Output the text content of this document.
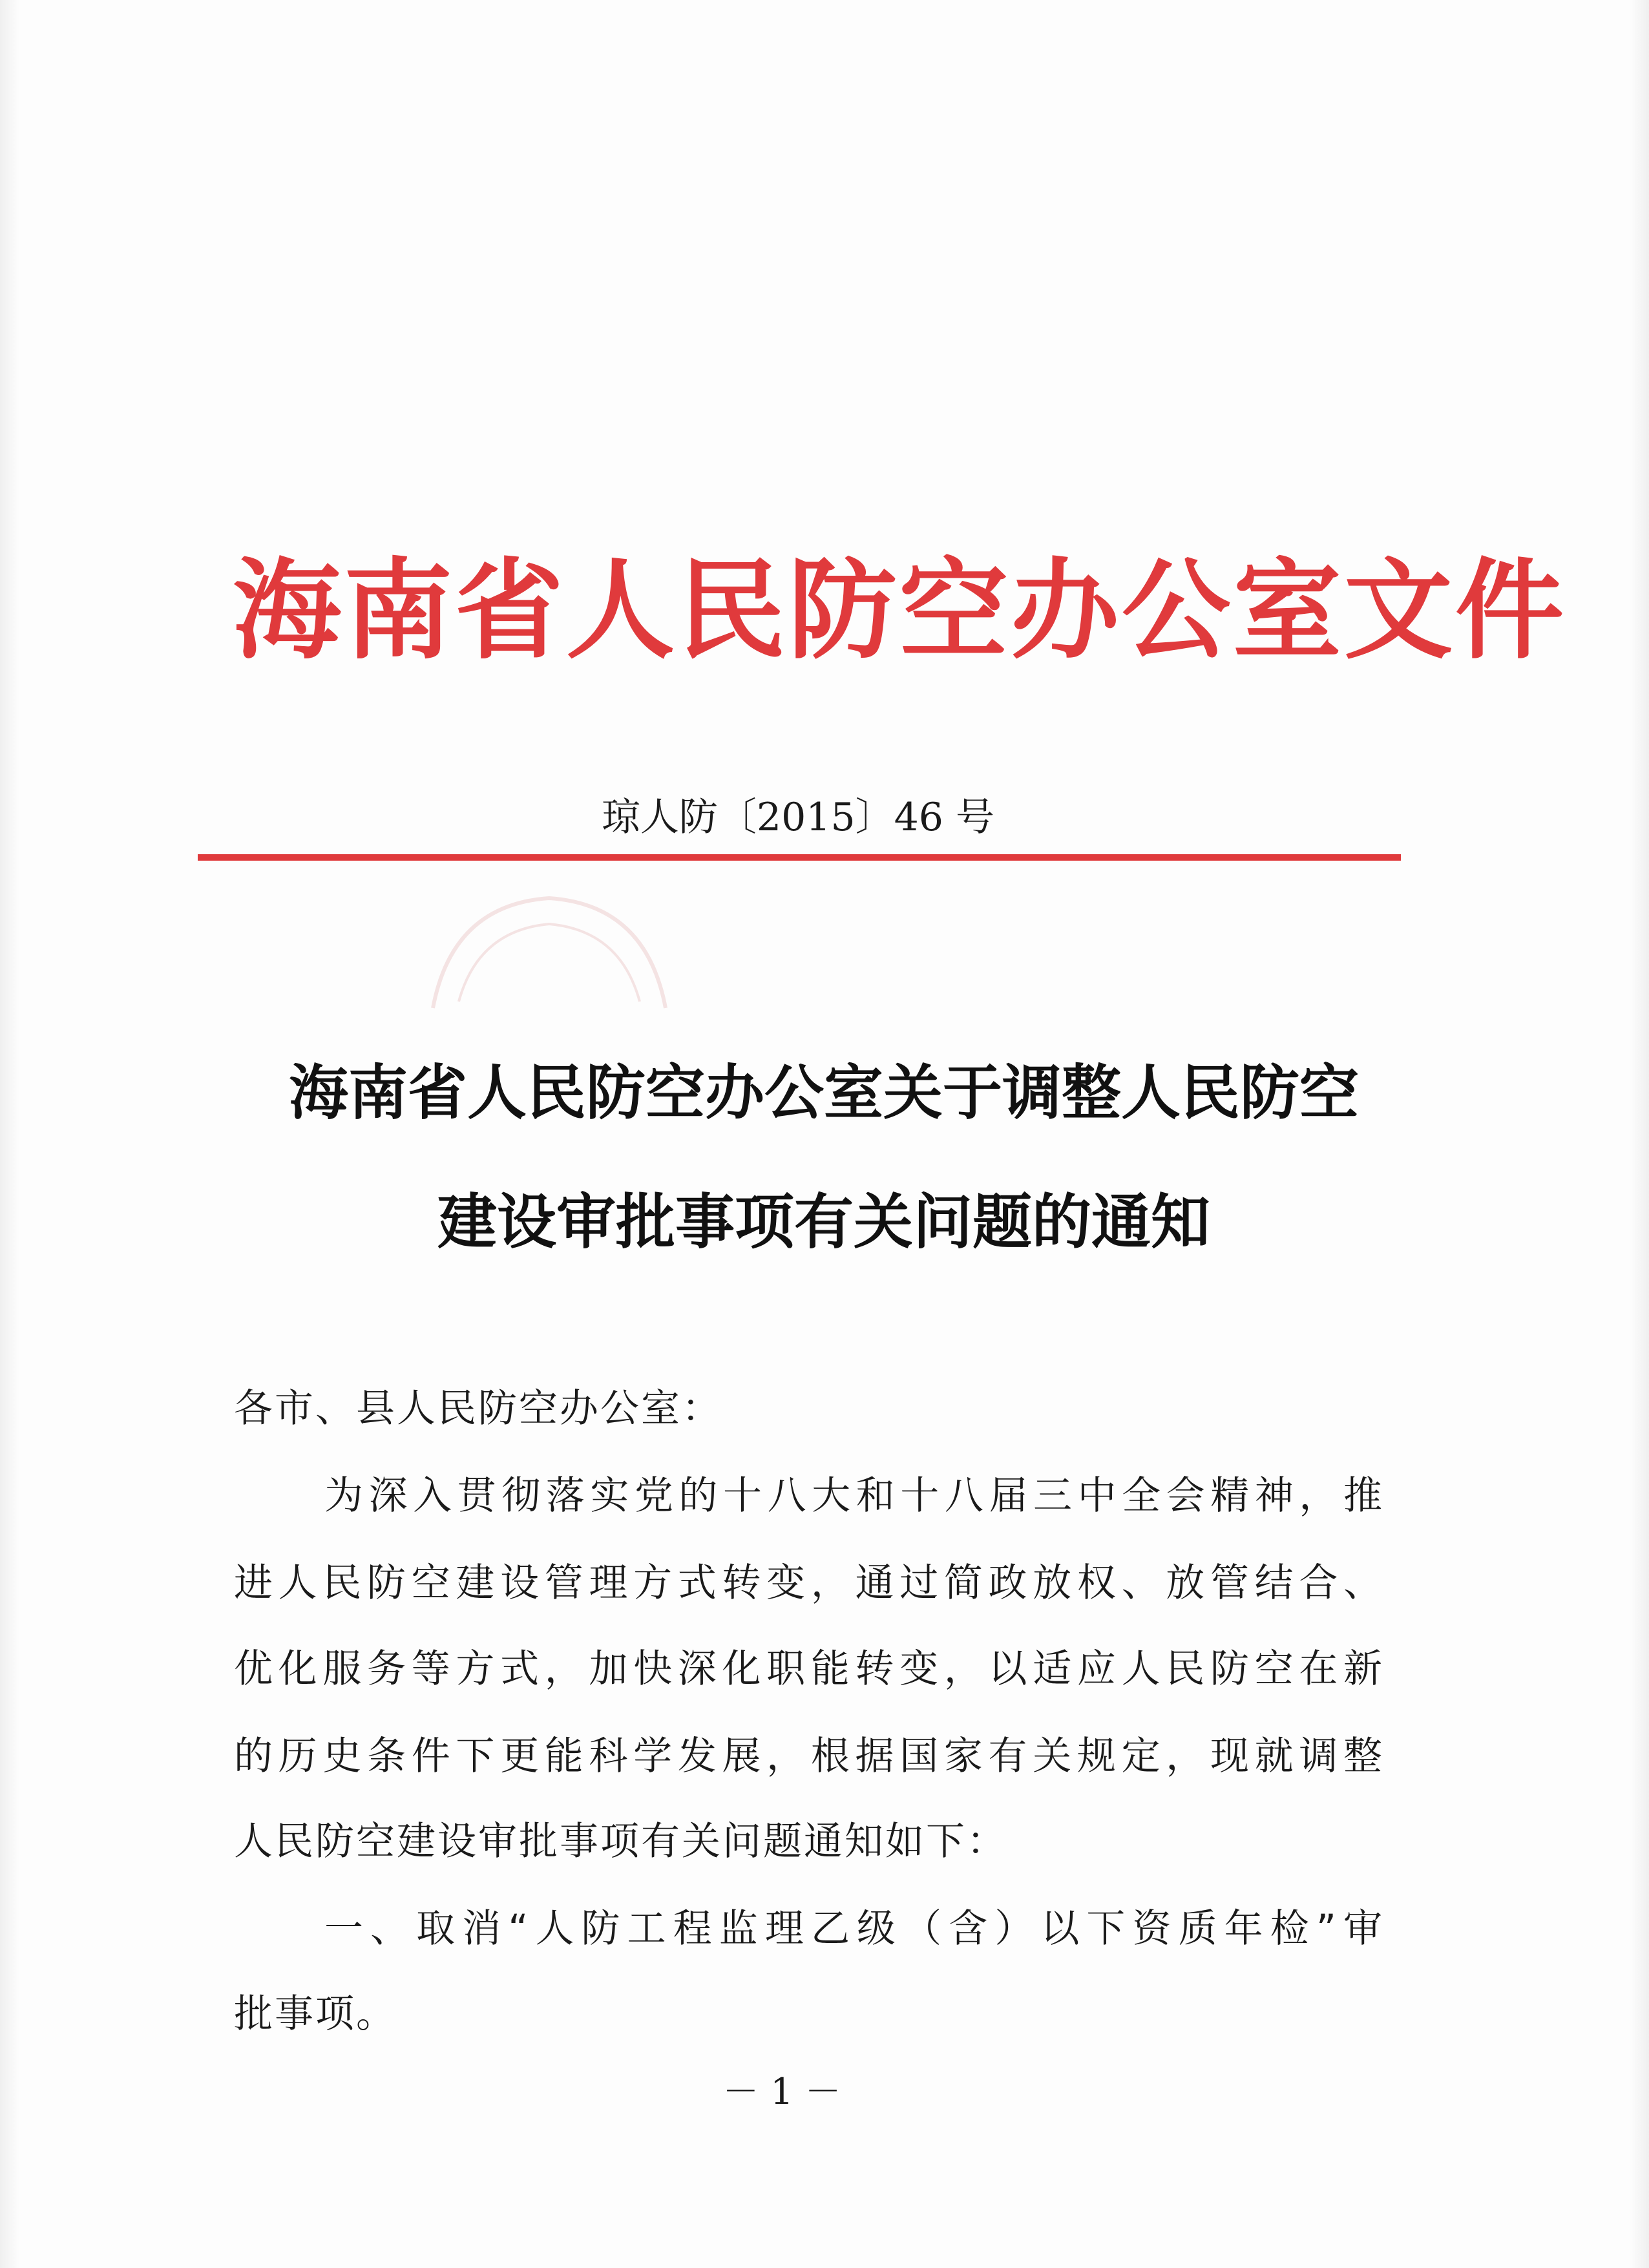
海南省人民防空办公室文件
琼人防〔2015〕46 号
海南省人民防空办公室关于调整人民防空
建设审批事项有关问题的通知
各市、县人民防空办公室：
为深入贯彻落实党的十八大和十八届三中全会精神，推
进人民防空建设管理方式转变，通过简政放权、放管结合、
优化服务等方式，加快深化职能转变，以适应人民防空在新
的历史条件下更能科学发展，根据国家有关规定，现就调整
人民防空建设审批事项有关问题通知如下：
一、取消“人防工程监理乙级（含）以下资质年检”审
批事项。
－ 1 －
